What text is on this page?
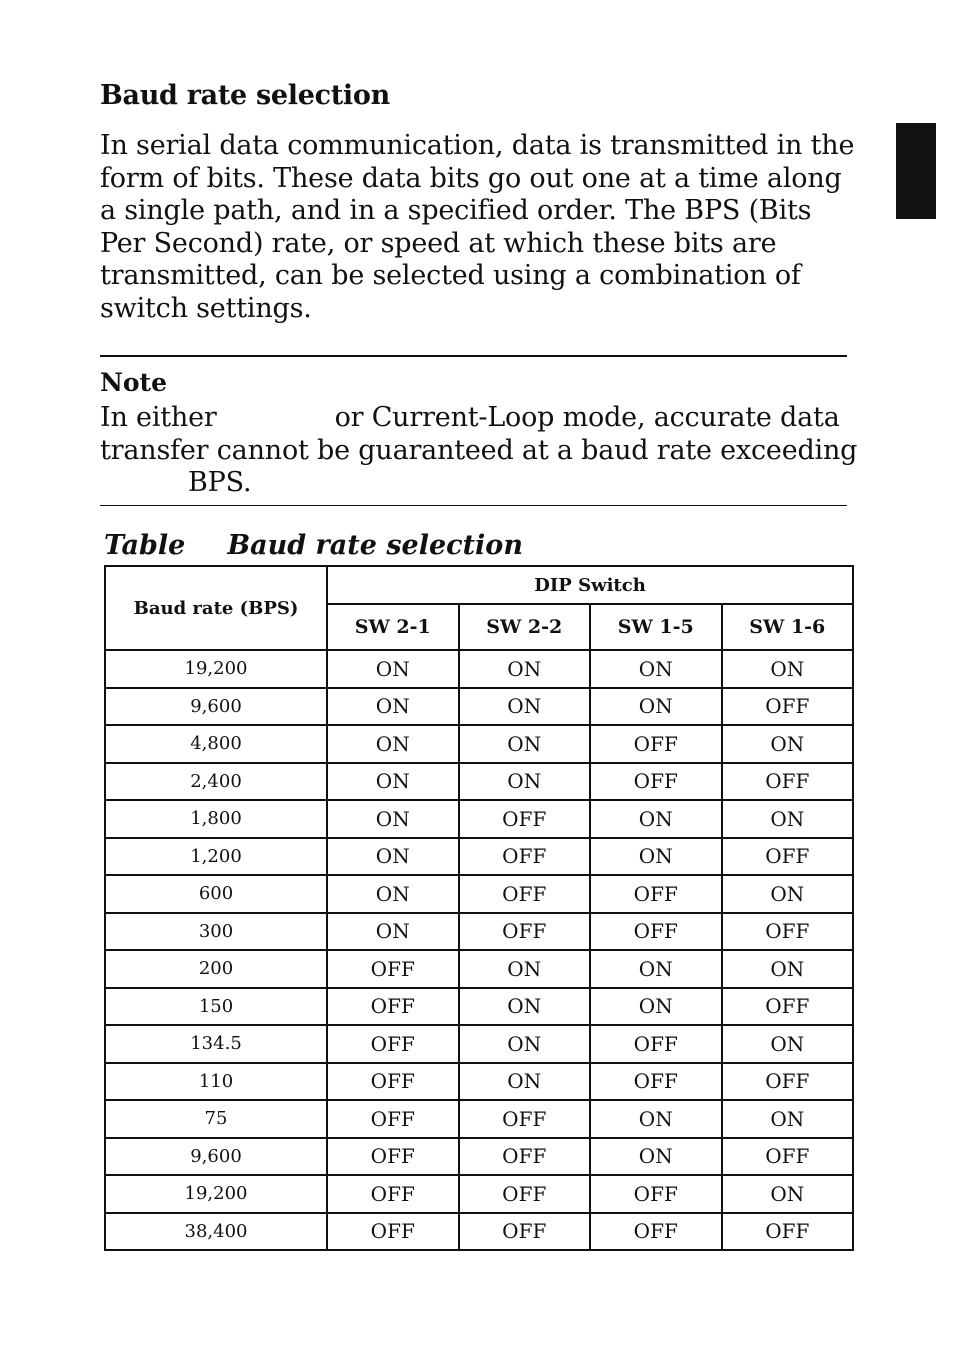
Baud rate selection

In serial data communication, data is transmitted in the form of bits. These data bits go out one at a time along a single path, and in a specified order. The BPS (Bits Per Second) rate, or speed at which these bits are transmitted, can be selected using a combination of switch settings.

Note

In either	or Current-Loop mode, accurate data transfer cannot be guaranteed at a baud rate exceeding
BPS.

Table Baud rate selection

Baud rate (BPS)	DIP Switch			
	SW 2-1	SW 2-2	SW 1-5	SW 1-6
19,200	ON	ON	ON	ON
9,600	ON	ON	ON	OFF
4,800	ON	ON	OFF	ON
2,400	ON	ON	OFF	OFF
1,800	ON	OFF	ON	ON
1,200	ON	OFF	ON	OFF
600	ON	OFF	OFF	ON
300	ON	OFF	OFF	OFF
200	OFF	ON	ON	ON
150	OFF	ON	ON	OFF
134.5	OFF	ON	OFF	ON
110	OFF	ON	OFF	OFF
75	OFF	OFF	ON	ON
9,600	OFF	OFF	ON	OFF
19,200	OFF	OFF	OFF	ON
38,400	OFF	OFF	OFF	OFF
